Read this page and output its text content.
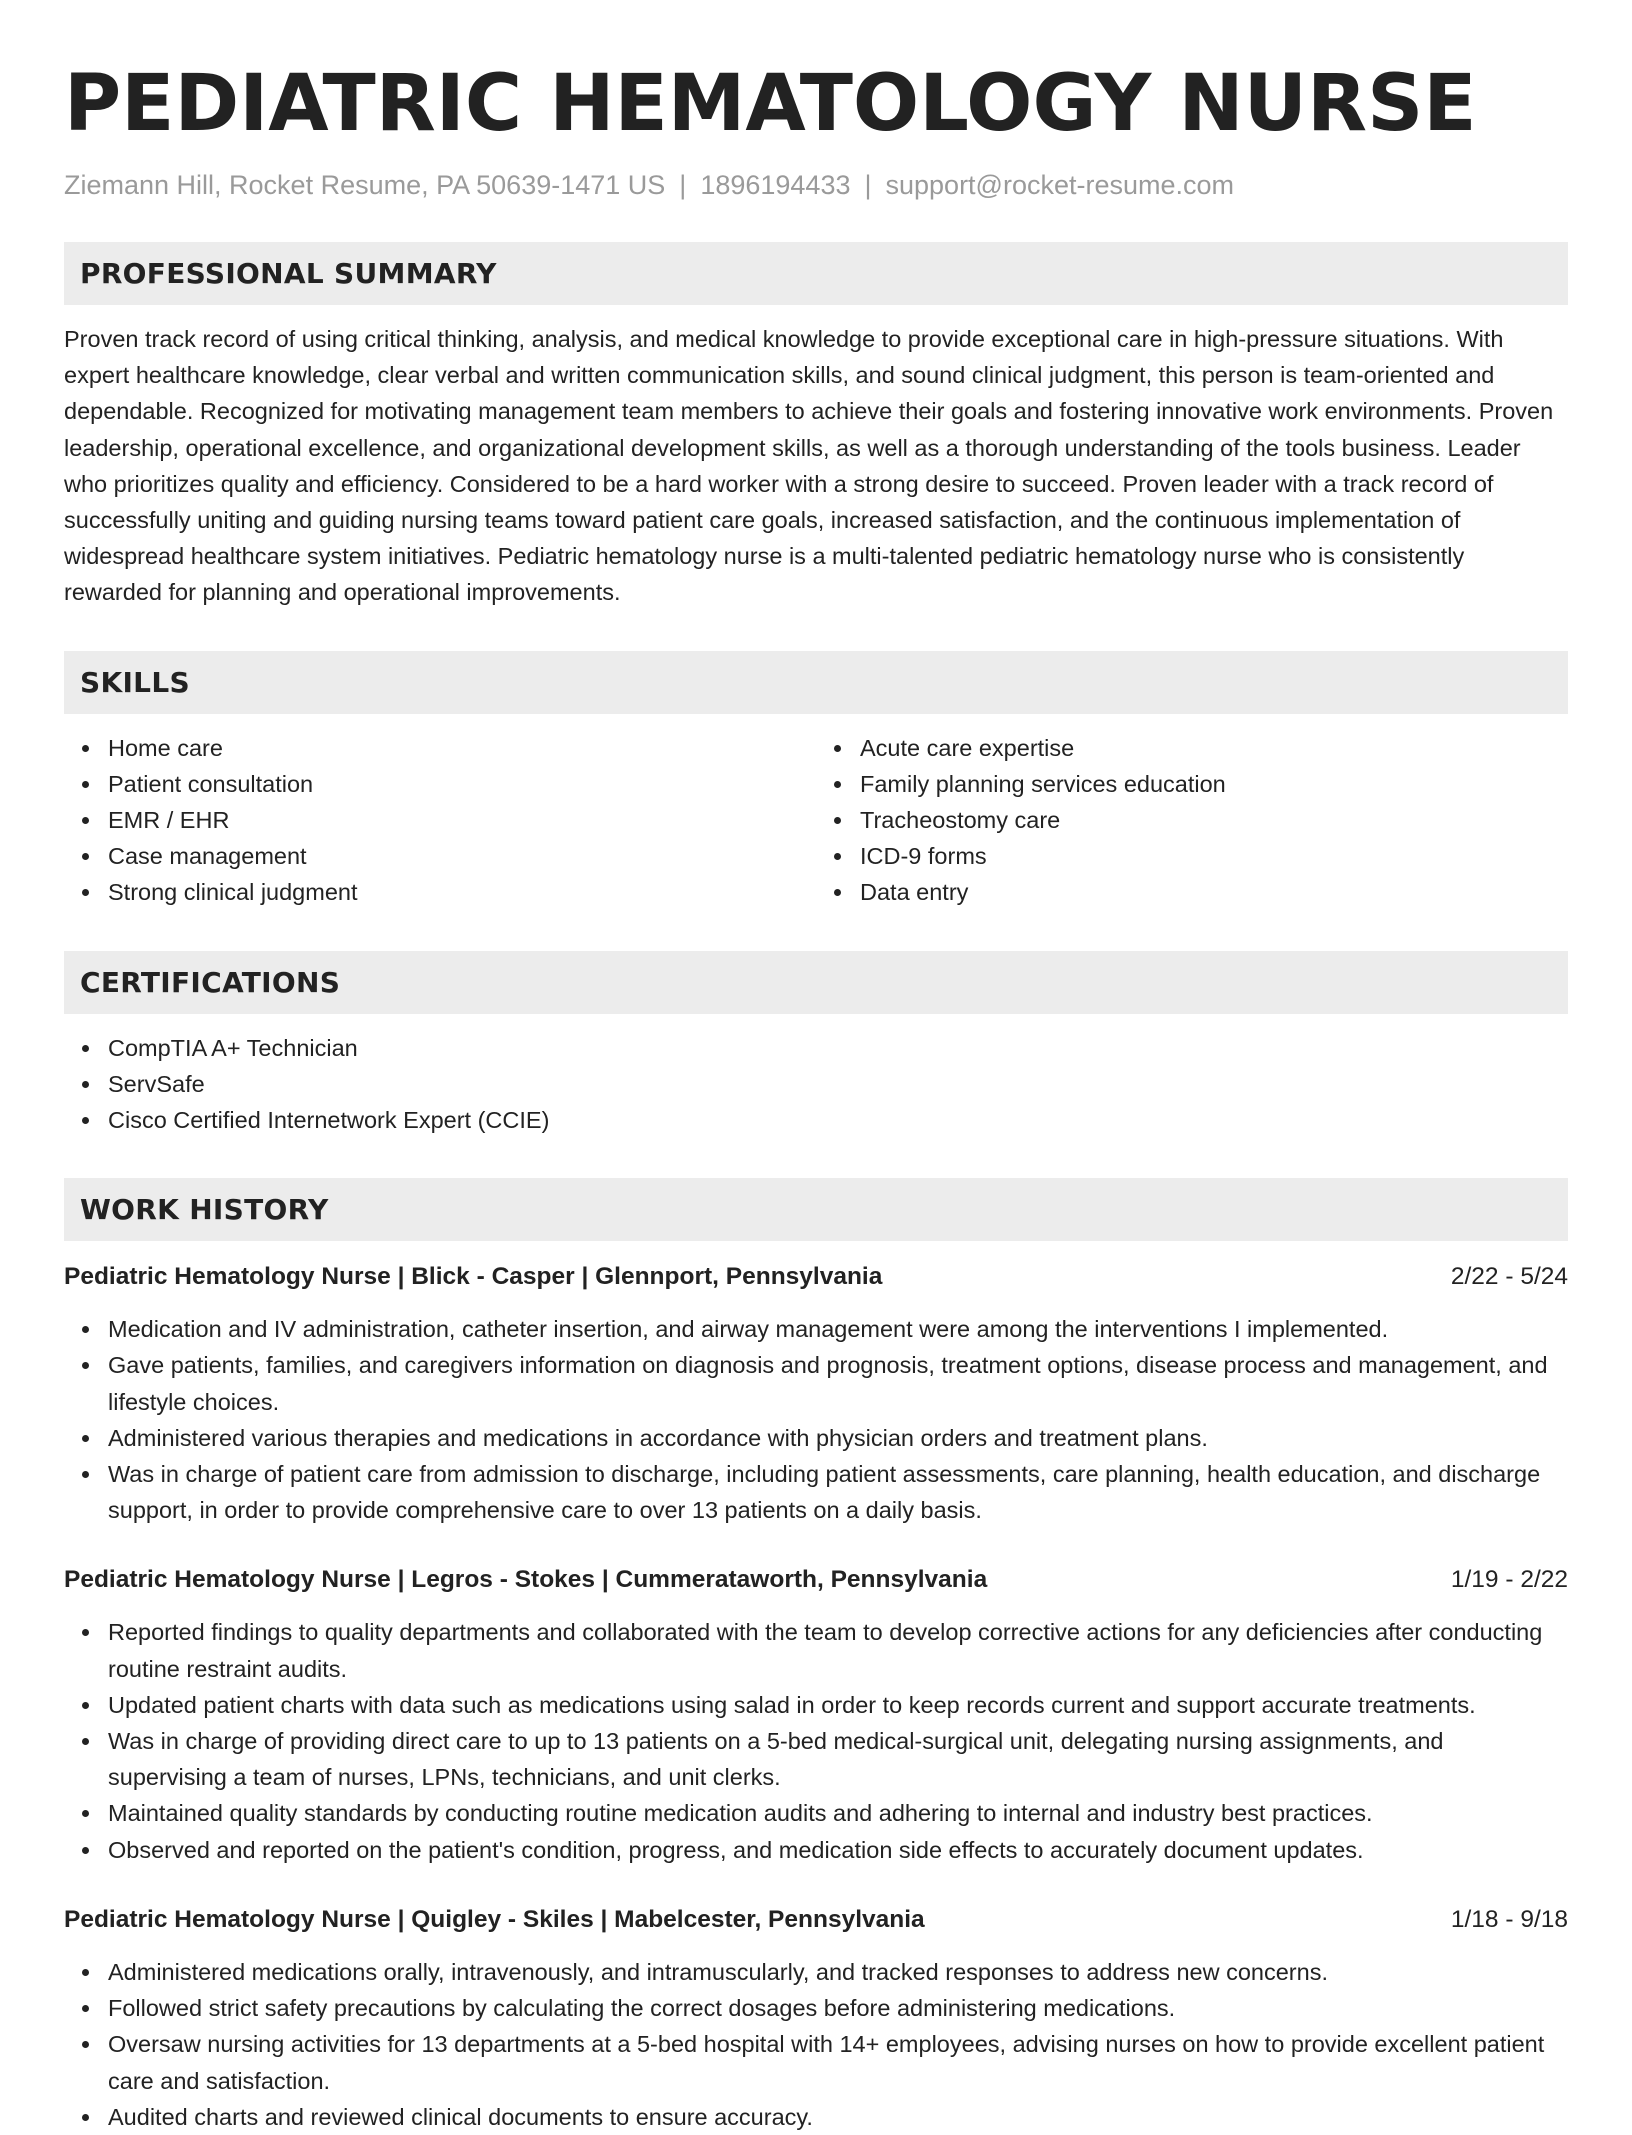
PEDIATRIC HEMATOLOGY NURSE
Ziemann Hill, Rocket Resume, PA 50639-1471 US | 1896194433 | support@rocket-resume.com
PROFESSIONAL SUMMARY

Proven track record of using critical thinking, analysis, and medical knowledge to provide exceptional care in high-pressure situations. With expert healthcare knowledge, clear verbal and written communication skills, and sound clinical judgment, this person is team-oriented and dependable. Recognized for motivating management team members to achieve their goals and fostering innovative work environments. Proven leadership, operational excellence, and organizational development skills, as well as a thorough understanding of the tools business. Leader who prioritizes quality and efficiency. Considered to be a hard worker with a strong desire to succeed. Proven leader with a track record of successfully uniting and guiding nursing teams toward patient care goals, increased satisfaction, and the continuous implementation of widespread healthcare system initiatives. Pediatric hematology nurse is a multi-talented pediatric hematology nurse who is consistently rewarded for planning and operational improvements.

SKILLS
Home care
Patient consultation
EMR / EHR
Case management
Strong clinical judgment
Acute care expertise
Family planning services education
Tracheostomy care
ICD-9 forms
Data entry
CERTIFICATIONS
CompTIA A+ Technician
ServSafe
Cisco Certified Internetwork Expert (CCIE)
WORK HISTORY
Pediatric Hematology Nurse | Blick - Casper | Glennport, Pennsylvania	2/22 - 5/24
Medication and IV administration, catheter insertion, and airway management were among the interventions I implemented.
Gave patients, families, and caregivers information on diagnosis and prognosis, treatment options, disease process and management, and lifestyle choices.
Administered various therapies and medications in accordance with physician orders and treatment plans.
Was in charge of patient care from admission to discharge, including patient assessments, care planning, health education, and discharge support, in order to provide comprehensive care to over 13 patients on a daily basis.
Pediatric Hematology Nurse | Legros - Stokes | Cummerataworth, Pennsylvania	1/19 - 2/22
Reported findings to quality departments and collaborated with the team to develop corrective actions for any deficiencies after conducting routine restraint audits.
Updated patient charts with data such as medications using salad in order to keep records current and support accurate treatments.
Was in charge of providing direct care to up to 13 patients on a 5-bed medical-surgical unit, delegating nursing assignments, and supervising a team of nurses, LPNs, technicians, and unit clerks.
Maintained quality standards by conducting routine medication audits and adhering to internal and industry best practices.
Observed and reported on the patient's condition, progress, and medication side effects to accurately document updates.
Pediatric Hematology Nurse | Quigley - Skiles | Mabelcester, Pennsylvania	1/18 - 9/18
Administered medications orally, intravenously, and intramuscularly, and tracked responses to address new concerns.
Followed strict safety precautions by calculating the correct dosages before administering medications.
Oversaw nursing activities for 13 departments at a 5-bed hospital with 14+ employees, advising nurses on how to provide excellent patient care and satisfaction.
Audited charts and reviewed clinical documents to ensure accuracy.
